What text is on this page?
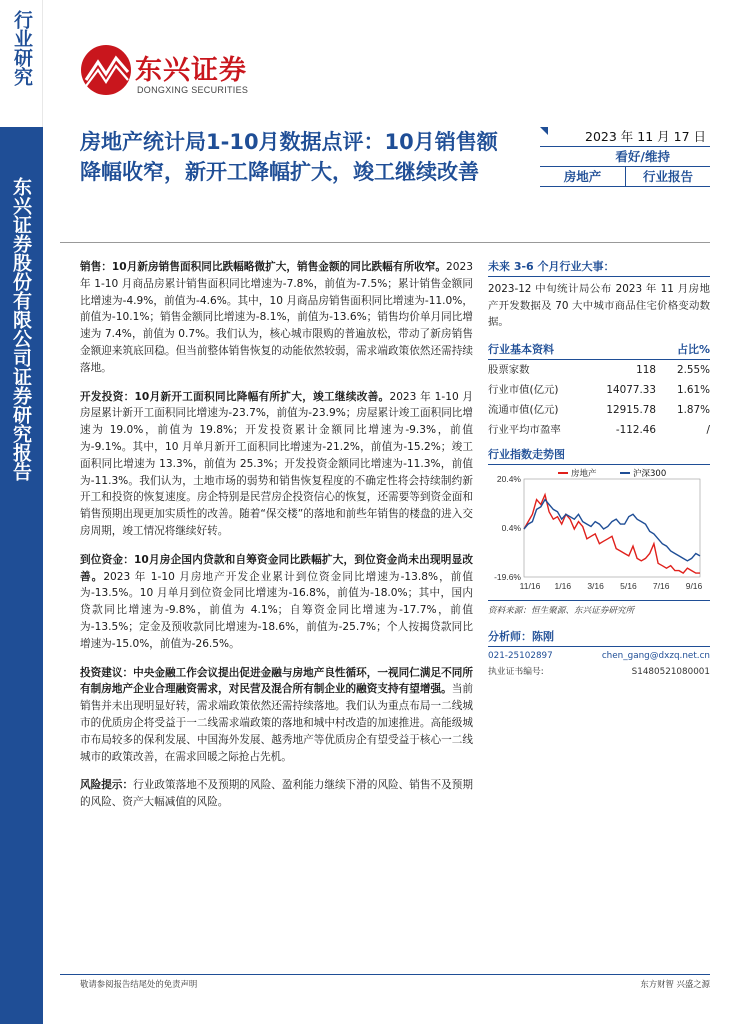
行业研究
东兴证券股份有限公司证券研究报告
东兴证券
DONGXING SECURITIES
房地产统计局1-10月数据点评：10月销售额降幅收窄，新开工降幅扩大，竣工继续改善
2023 年 11 月 17 日
看好/维持
房地产	行业报告

销售：10月新房销售面积同比跌幅略微扩大，销售金额的同比跌幅有所收窄。2023 年 1-10 月商品房累计销售面积同比增速为-7.8%，前值为-7.5%；累计销售金额同比增速为-4.9%，前值为-4.6%。其中，10 月商品房销售面积同比增速为-11.0%，前值为-10.1%；销售金额同比增速为-8.1%，前值为-13.6%；销售均价单月同比增速为 7.4%，前值为 0.7%。我们认为，核心城市限购的普遍放松，带动了新房销售金额迎来筑底回稳。但当前整体销售恢复的动能依然较弱，需求端政策依然还需持续落地。

开发投资：10月新开工面积同比降幅有所扩大，竣工继续改善。2023 年 1-10 月房屋累计新开工面积同比增速为-23.7%，前值为-23.9%；房屋累计竣工面积同比增速为 19.0%，前值为 19.8%；开发投资累计金额同比增速为-9.3%，前值为-9.1%。其中，10 月单月新开工面积同比增速为-21.2%，前值为-15.2%；竣工面积同比增速为 13.3%，前值为 25.3%；开发投资金额同比增速为-11.3%，前值为-11.3%。我们认为，土地市场的弱势和销售恢复程度的不确定性将会持续制约新开工和投资的恢复速度。房企特别是民营房企投资信心的恢复，还需要等到资金面和销售预期出现更加实质性的改善。随着“保交楼”的落地和前些年销售的楼盘的进入交房周期，竣工情况将继续好转。

到位资金：10月房企国内贷款和自筹资金同比跌幅扩大，到位资金尚未出现明显改善。2023 年 1-10 月房地产开发企业累计到位资金同比增速为-13.8%，前值为-13.5%。10 月单月到位资金同比增速为-16.8%，前值为-18.0%；其中，国内贷款同比增速为-9.8%，前值为 4.1%；自筹资金同比增速为-17.7%，前值为-13.5%；定金及预收款同比增速为-18.6%，前值为-25.7%；个人按揭贷款同比增速为-15.0%，前值为-26.5%。

投资建议：中央金融工作会议提出促进金融与房地产良性循环，一视同仁满足不同所有制房地产企业合理融资需求，对民营及混合所有制企业的融资支持有望增强。当前销售并未出现明显好转，需求端政策依然还需持续落地。我们认为重点布局一二线城市的优质房企将受益于一二线需求端政策的落地和城中村改造的加速推进。高能级城市布局较多的保利发展、中国海外发展、越秀地产等优质房企有望受益于核心一二线城市的政策改善，在需求回暖之际抢占先机。

风险提示：行业政策落地不及预期的风险、盈利能力继续下滑的风险、销售不及预期的风险、资产大幅减值的风险。

未来 3-6 个月行业大事：
2023-12 中旬统计局公布 2023 年 11 月房地产开发数据及 70 大中城市商品住宅价格变动数据。
行业基本资料	占比%
股票家数	118	2.55%
行业市值(亿元)	14077.33	1.61%
流通市值(亿元)	12915.78	1.87%
行业平均市盈率	-112.46	/
行业指数走势图
20.4%
0.4%
-19.6%
11/16 1/16 3/16 5/16 7/16 9/16
房地产	沪深300
资料来源：恒生聚源、东兴证券研究所
分析师：陈刚
021-25102897	chen_gang@dxzq.net.cn
执业证书编号:	S1480521080001
敬请参阅报告结尾处的免责声明	东方财智 兴盛之源
